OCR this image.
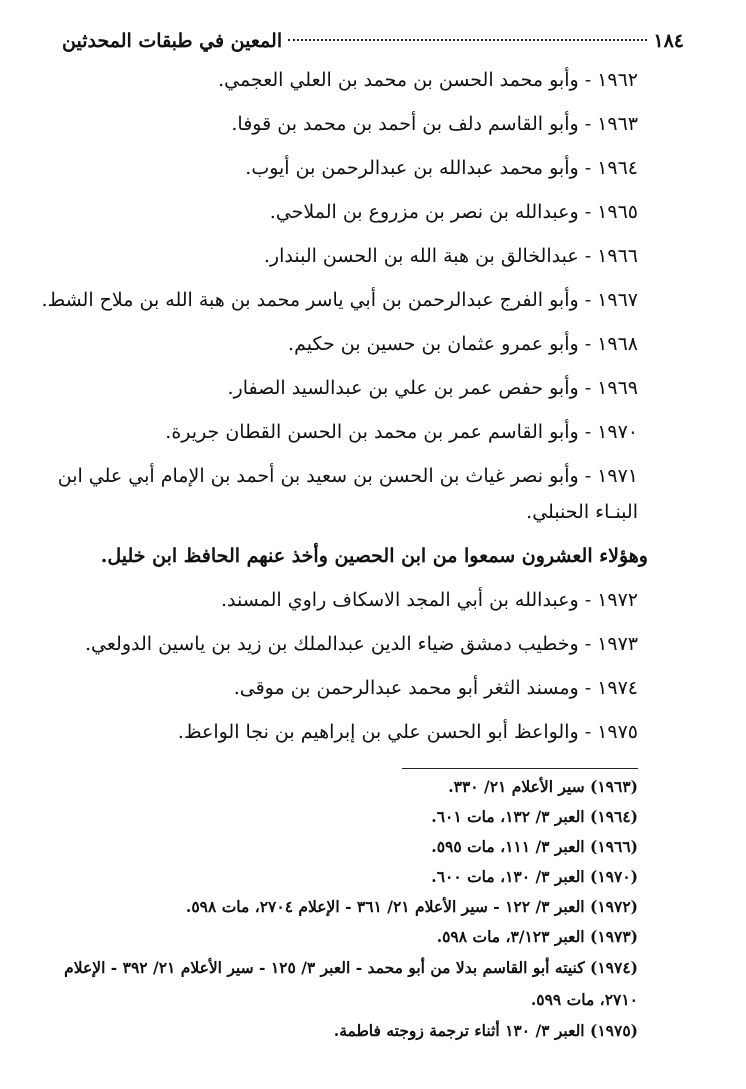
١٨٤
المعين في طبقات المحدثين

١٩٦٢ - وأبو محمد الحسن بن محمد بن العلي العجمي.

١٩٦٣ - وأبو القاسم دلف بن أحمد بن محمد بن قوفا.

١٩٦٤ - وأبو محمد عبدالله بن عبدالرحمن بن أيوب.

١٩٦٥ - وعبدالله بن نصر بن مزروع بن الملاحي.

١٩٦٦ - عبدالخالق بن هبة الله بن الحسن البندار.

١٩٦٧ - وأبو الفرج عبدالرحمن بن أبي ياسر محمد بن هبة الله بن ملاح الشط.

١٩٦٨ - وأبو عمرو عثمان بن حسين بن حكيم.

١٩٦٩ - وأبو حفص عمر بن علي بن عبدالسيد الصفار.

١٩٧٠ - وأبو القاسم عمر بن محمد بن الحسن القطان جريرة.

١٩٧١ - وأبو نصر غياث بن الحسن بن سعيد بن أحمد بن الإمام أبي علي ابن البنـاء الحنبلي.

وهؤلاء العشرون سمعوا من ابن الحصين وأخذ عنهم الحافظ ابن خليل.

١٩٧٢ - وعبدالله بن أبي المجد الاسكاف راوي المسند.

١٩٧٣ - وخطيب دمشق ضياء الدين عبدالملك بن زيد بن ياسين الدولعي.

١٩٧٤ - ومسند الثغر أبو محمد عبدالرحمن بن موقى.

١٩٧٥ - والواعظ أبو الحسن علي بن إبراهيم بن نجا الواعظ.

(١٩٦٣) سير الأعلام ٢١/ ٣٣٠.

(١٩٦٤) العبر ٣/ ١٣٢، مات ٦٠١.

(١٩٦٦) العبر ٣/ ١١١، مات ٥٩٥.

(١٩٧٠) العبر ٣/ ١٣٠، مات ٦٠٠.

(١٩٧٢) العبر ٣/ ١٢٢ - سير الأعلام ٢١/ ٣٦١ - الإعلام ٢٧٠٤، مات ٥٩٨.

(١٩٧٣) العبر ٣/١٢٣، مات ٥٩٨.

(١٩٧٤) كنيته أبو القاسم بدلا من أبو محمد - العبر ٣/ ١٢٥ - سير الأعلام ٢١/ ٣٩٢ - الإعلام ٢٧١٠، مات ٥٩٩.

(١٩٧٥) العبر ٣/ ١٣٠ أثناء ترجمة زوجته فاطمة.
